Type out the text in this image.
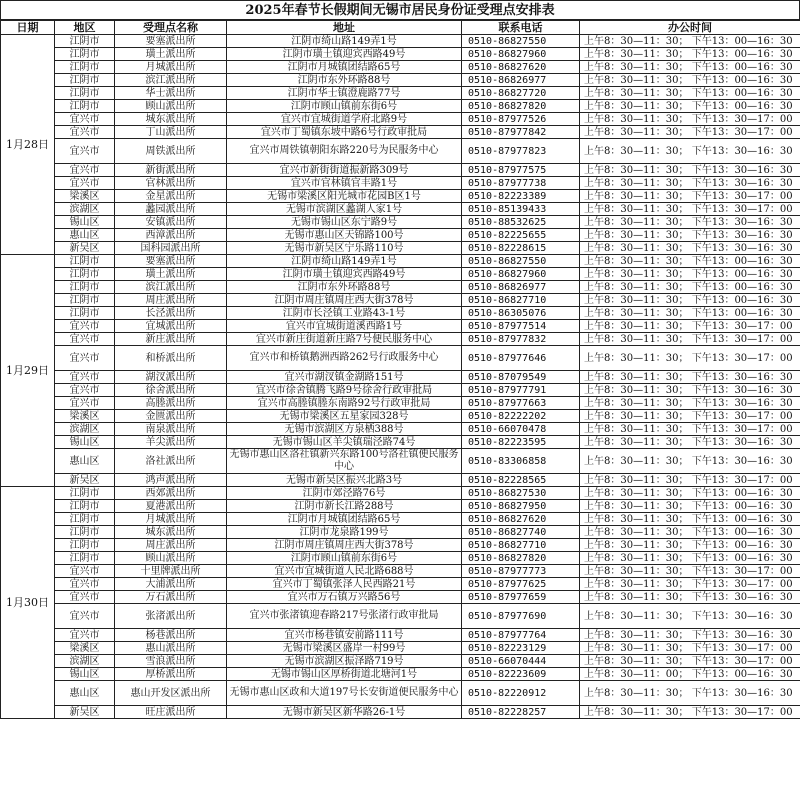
2025年春节长假期间无锡市居民身份证受理点安排表
日期	地区	受理点名称	地址	联系电话	办公时间
1月28日	江阴市	要塞派出所	江阴市绮山路149弄1号	0510-86827550	上午8：30—11：30； 下午13：00—16：30
	江阴市	璜土派出所	江阴市璜土镇迎宾西路49号	0510-86827960	上午8：30—11：30； 下午13：00—16：30
	江阴市	月城派出所	江阴市月城镇团结路65号	0510-86827620	上午8：30—11：30； 下午13：00—16：30
	江阴市	滨江派出所	江阴市东外环路88号	0510-86826977	上午8：30—11：30； 下午13：00—16：30
	江阴市	华士派出所	江阴市华士镇澄鹿路77号	0510-86827720	上午8：30—11：30； 下午13：00—16：30
	江阴市	顾山派出所	江阴市顾山镇前东街6号	0510-86827820	上午8：30—11：30； 下午13：00—16：30
	宜兴市	城东派出所	宜兴市宜城街道学府北路9号	0510-87977526	上午8：30—11：30； 下午13：30—17：00
	宜兴市	丁山派出所	宜兴市丁蜀镇东坡中路6号行政审批局	0510-87977842	上午8：30—11：30； 下午13：30—17：00
	宜兴市	周铁派出所	宜兴市周铁镇朝阳东路220号为民服务中心	0510-87977823	上午8：30—11：30； 下午13：30—16：30
	宜兴市	新街派出所	宜兴市新街街道振新路309号	0510-87977575	上午8：30—11：30； 下午13：30—16：30
	宜兴市	官林派出所	宜兴市官林镇官丰路1号	0510-87977738	上午8：30—11：30； 下午13：30—16：30
	梁溪区	金星派出所	无锡市梁溪区阳光城市花园B区1号	0510-82223389	上午8：30—11：30； 下午13：30—17：00
	滨湖区	蠡园派出所	无锡市滨湖区蠡湖人家1号	0510-85139433	上午8：30—11：30； 下午13：30—17：00
	锡山区	安镇派出所	无锡市锡山区东宁路9号	0510-88532625	上午8：30—11：30； 下午13：30—16：30
	惠山区	西漳派出所	无锡市惠山区天锦路100号	0510-82225655	上午8：30—11：30； 下午13：30—16：30
	新吴区	国科园派出所	无锡市新吴区宁乐路110号	0510-82228615	上午8：30—11：30； 下午13：30—16：30
1月29日	江阴市	要塞派出所	江阴市绮山路149弄1号	0510-86827550	上午8：30—11：30； 下午13：00—16：30
	江阴市	璜土派出所	江阴市璜土镇迎宾西路49号	0510-86827960	上午8：30—11：30； 下午13：00—16：30
	江阴市	滨江派出所	江阴市东外环路88号	0510-86826977	上午8：30—11：30； 下午13：00—16：30
	江阴市	周庄派出所	江阴市周庄镇周庄西大街378号	0510-86827710	上午8：30—11：30； 下午13：00—16：30
	江阴市	长泾派出所	江阴市长泾镇工业路43-1号	0510-86305076	上午8：30—11：30； 下午13：00—16：30
	宜兴市	宜城派出所	宜兴市宜城街道溪西路1号	0510-87977514	上午8：30—11：30； 下午13：30—17：00
	宜兴市	新庄派出所	宜兴市新庄街道新庄路7号便民服务中心	0510-87977832	上午8：30—11：30； 下午13：30—17：00
	宜兴市	和桥派出所	宜兴市和桥镇鹅洲西路262号行政服务中心	0510-87977646	上午8：30—11：30； 下午13：30—17：00
	宜兴市	湖汊派出所	宜兴市湖汊镇金湖路151号	0510-87079549	上午8：30—11：30； 下午13：30—16：30
	宜兴市	徐舍派出所	宜兴市徐舍镇腾飞路9号徐舍行政审批局	0510-87977791	上午8：30—11：30； 下午13：30—16：30
	宜兴市	高塍派出所	宜兴市高塍镇塍东南路92号行政审批局	0510-87977663	上午8：30—11：30； 下午13：30—16：30
	梁溪区	金匮派出所	无锡市梁溪区五星家园328号	0510-82222202	上午8：30—11：30； 下午13：30—17：00
	滨湖区	南泉派出所	无锡市滨湖区方泉栖388号	0510-66070478	上午8：30—11：30； 下午13：30—17：00
	锡山区	羊尖派出所	无锡市锡山区羊尖镇瑞泾路74号	0510-82223595	上午8：30—11：30； 下午13：30—16：30
	惠山区	洛社派出所	无锡市惠山区洛社镇新兴东路100号洛社镇便民服务中心	0510-83306858	上午8：30—11：30； 下午13：30—16：30
	新吴区	鸿声派出所	无锡市新吴区振兴北路3号	0510-82228565	上午8：30—11：30； 下午13：30—17：00
1月30日	江阴市	西郊派出所	江阴市郊泾路76号	0510-86827530	上午8：30—11：30； 下午13：00—16：30
	江阴市	夏港派出所	江阴市新长江路288号	0510-86827950	上午8：30—11：30； 下午13：00—16：30
	江阴市	月城派出所	江阴市月城镇团结路65号	0510-86827620	上午8：30—11：30； 下午13：00—16：30
	江阴市	城东派出所	江阴市龙泉路199号	0510-86827740	上午8：30—11：30； 下午13：00—16：30
	江阴市	周庄派出所	江阴市周庄镇周庄西大街378号	0510-86827710	上午8：30—11：30； 下午13：00—16：30
	江阴市	顾山派出所	江阴市顾山镇前东街6号	0510-86827820	上午8：30—11：30； 下午13：00—16：30
	宜兴市	十里牌派出所	宜兴市宜城街道人民北路688号	0510-87977773	上午8：30—11：30； 下午13：30—17：00
	宜兴市	大浦派出所	宜兴市丁蜀镇张泽人民西路21号	0510-87977625	上午8：30—11：30； 下午13：30—17：00
	宜兴市	万石派出所	宜兴市万石镇万兴路56号	0510-87977659	上午8：30—11：30； 下午13：30—16：30
	宜兴市	张渚派出所	宜兴市张渚镇迎春路217号张渚行政审批局	0510-87977690	上午8：30—11：30； 下午13：30—16：30
	宜兴市	杨巷派出所	宜兴市杨巷镇安前路111号	0510-87977764	上午8：30—11：30； 下午13：30—16：30
	梁溪区	惠山派出所	无锡市梁溪区盛岸一村99号	0510-82223129	上午8：30—11：30； 下午13：30—17：00
	滨湖区	雪浪派出所	无锡市滨湖区振泽路719号	0510-66070444	上午8：30—11：30； 下午13：30—17：00
	锡山区	厚桥派出所	无锡市锡山区厚桥街道北塘河1号	0510-82223609	上午8：30—11：00； 下午13：00—16：30
	惠山区	惠山开发区派出所	无锡市惠山区政和大道197号长安街道便民服务中心	0510-82220912	上午8：30—11：30； 下午13：30—16：30
	新吴区	旺庄派出所	无锡市新吴区新华路26-1号	0510-82228257	上午8：30—11：30； 下午13：30—17：00
